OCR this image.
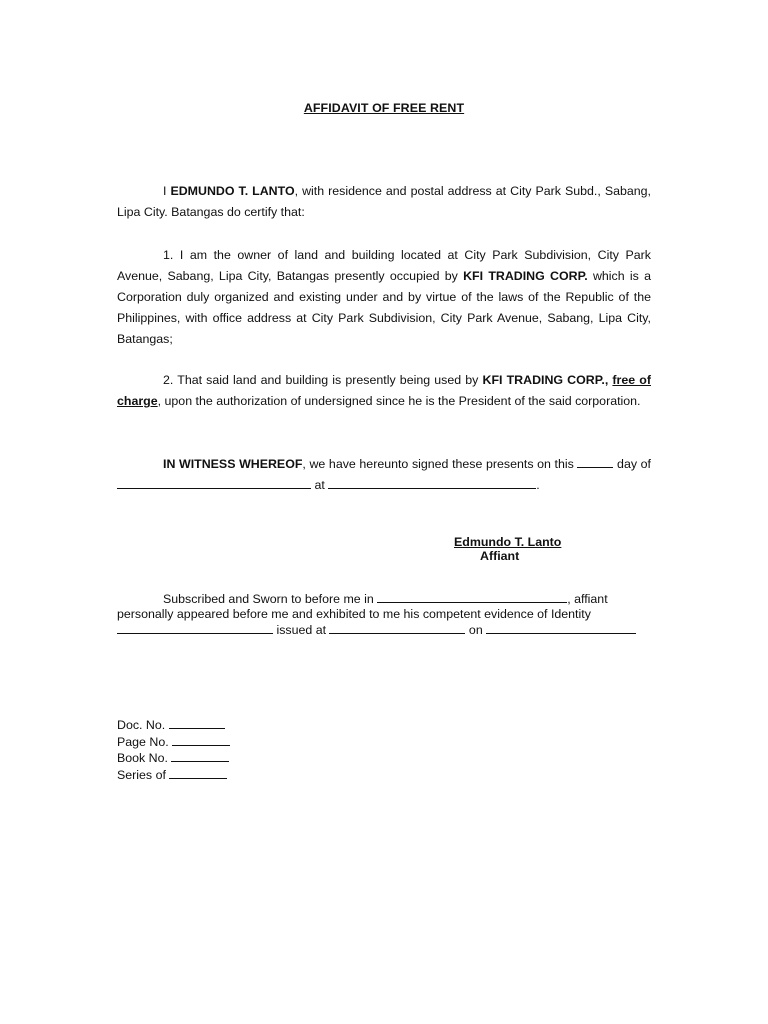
AFFIDAVIT OF FREE RENT
I EDMUNDO T. LANTO, with residence and postal address at City Park Subd., Sabang, Lipa City. Batangas do certify that:
1. I am the owner of land and building located at City Park Subdivision, City Park Avenue, Sabang, Lipa City, Batangas presently occupied by KFI TRADING CORP. which is a Corporation duly organized and existing under and by virtue of the laws of the Republic of the Philippines, with office address at City Park Subdivision, City Park Avenue, Sabang, Lipa City, Batangas;
2. That said land and building is presently being used by KFI TRADING CORP., free of charge, upon the authorization of undersigned since he is the President of the said corporation.
IN WITNESS WHEREOF, we have hereunto signed these presents on this	day of  at	.
Edmundo T. Lanto
Affiant
Subscribed and Sworn to before me in	, affiant personally appeared before me and exhibited to me his competent evidence of Identity  issued at	on
Doc. No.
Page No.
Book No.
Series of
